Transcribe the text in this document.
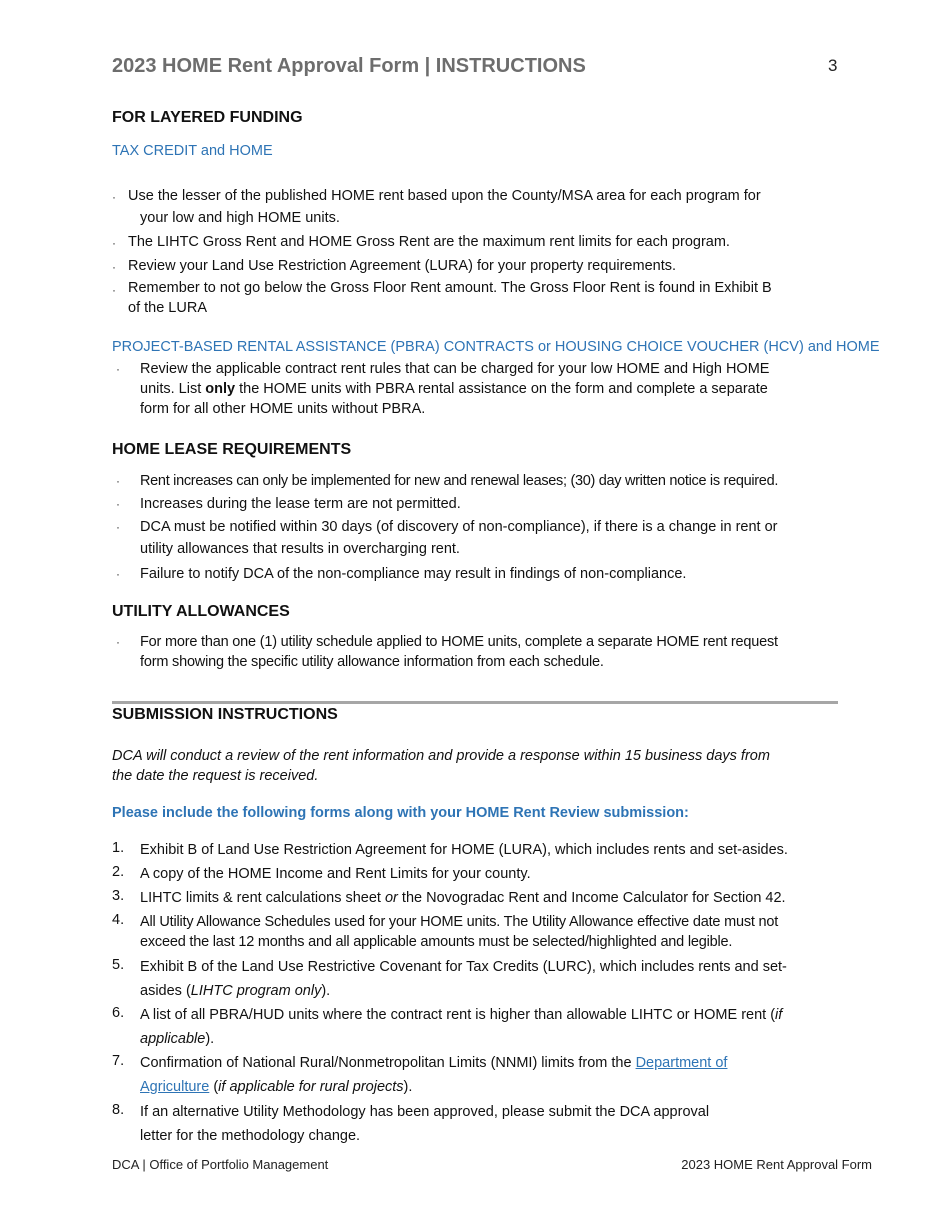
2023 HOME Rent Approval Form | INSTRUCTIONS	3
FOR LAYERED FUNDING
TAX CREDIT and HOME
· Use the lesser of the published HOME rent based upon the County/MSA area for each program for
your low and high HOME units.
· The LIHTC Gross Rent and HOME Gross Rent are the maximum rent limits for each program.
· Review your Land Use Restriction Agreement (LURA) for your property requirements.
· Remember to not go below the Gross Floor Rent amount. The Gross Floor Rent is found in Exhibit B
of the LURA
PROJECT-BASED RENTAL ASSISTANCE (PBRA) CONTRACTS or HOUSING CHOICE VOUCHER (HCV) and HOME
· Review the applicable contract rent rules that can be charged for your low HOME and High HOME
units. List only the HOME units with PBRA rental assistance on the form and complete a separate
form for all other HOME units without PBRA.
HOME LEASE REQUIREMENTS
· Rent increases can only be implemented for new and renewal leases; (30) day written notice is required.
· Increases during the lease term are not permitted.
· DCA must be notified within 30 days (of discovery of non-compliance), if there is a change in rent or
utility allowances that results in overcharging rent.
· Failure to notify DCA of the non-compliance may result in findings of non-compliance.
UTILITY ALLOWANCES
· For more than one (1) utility schedule applied to HOME units, complete a separate HOME rent request
form showing the specific utility allowance information from each schedule.
SUBMISSION INSTRUCTIONS
DCA will conduct a review of the rent information and provide a response within 15 business days from
the date the request is received.
Please include the following forms along with your HOME Rent Review submission:
1. Exhibit B of Land Use Restriction Agreement for HOME (LURA), which includes rents and set-asides.
2. A copy of the HOME Income and Rent Limits for your county.
3. LIHTC limits & rent calculations sheet or the Novogradac Rent and Income Calculator for Section 42.
4. All Utility Allowance Schedules used for your HOME units. The Utility Allowance effective date must not
exceed the last 12 months and all applicable amounts must be selected/highlighted and legible.
5. Exhibit B of the Land Use Restrictive Covenant for Tax Credits (LURC), which includes rents and set-
asides (LIHTC program only).
6. A list of all PBRA/HUD units where the contract rent is higher than allowable LIHTC or HOME rent (if
applicable).
7. Confirmation of National Rural/Nonmetropolitan Limits (NNMI) limits from the Department of
Agriculture (if applicable for rural projects).
8. If an alternative Utility Methodology has been approved, please submit the DCA approval
letter for the methodology change.
DCA | Office of Portfolio Management	2023 HOME Rent Approval Form
